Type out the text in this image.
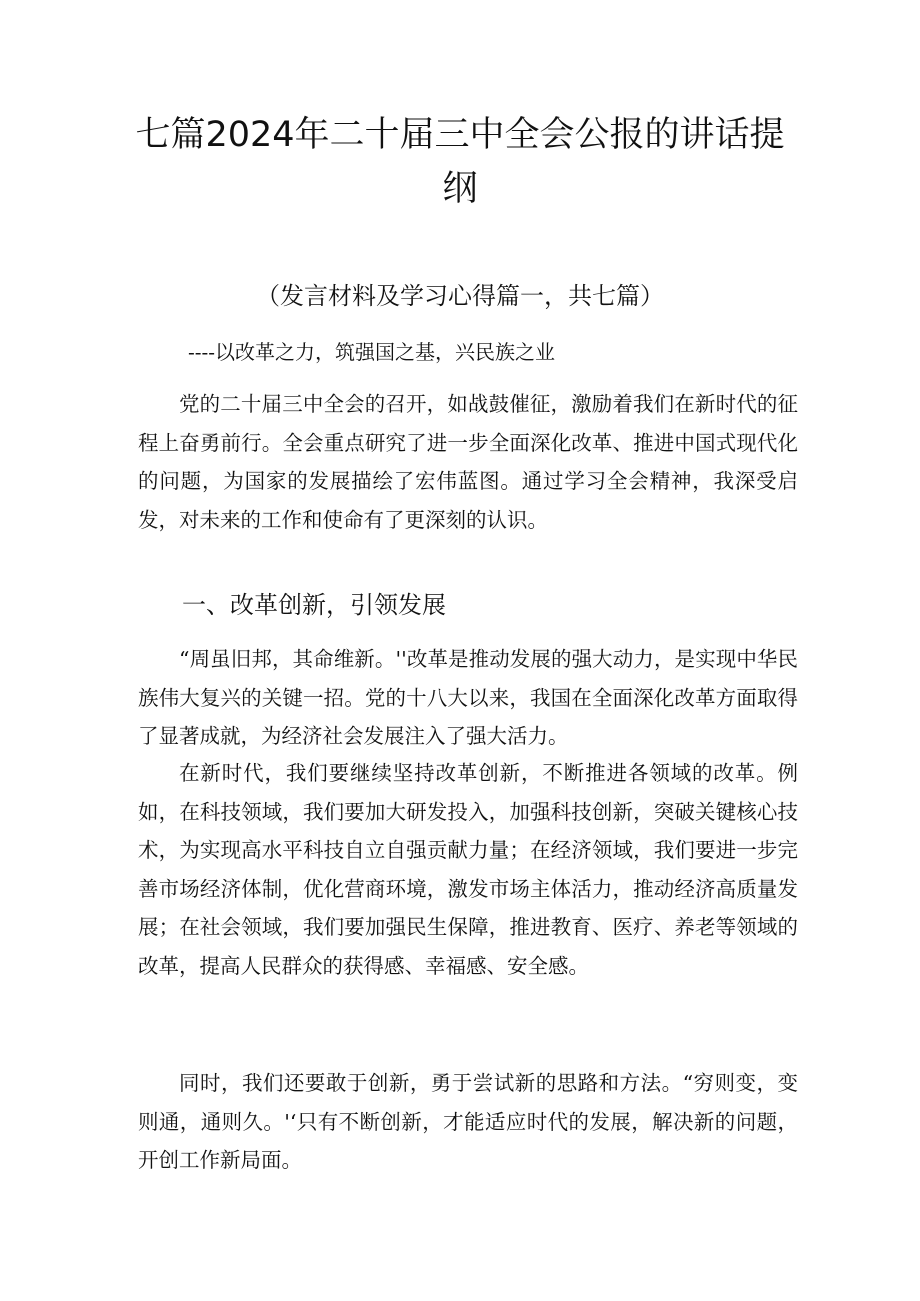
七篇2024年二十届三中全会公报的讲话提纲
（发言材料及学习心得篇一，共七篇）
----以改革之力，筑强国之基，兴民族之业

党的二十届三中全会的召开，如战鼓催征，激励着我们在新时代的征程上奋勇前行。全会重点研究了进一步全面深化改革、推进中国式现代化的问题，为国家的发展描绘了宏伟蓝图。通过学习全会精神，我深受启发，对未来的工作和使命有了更深刻的认识。

一、改革创新，引领发展

“周虽旧邦，其命维新。''改革是推动发展的强大动力，是实现中华民族伟大复兴的关键一招。党的十八大以来，我国在全面深化改革方面取得了显著成就，为经济社会发展注入了强大活力。

在新时代，我们要继续坚持改革创新，不断推进各领域的改革。例如，在科技领域，我们要加大研发投入，加强科技创新，突破关键核心技术，为实现高水平科技自立自强贡献力量；在经济领域，我们要进一步完善市场经济体制，优化营商环境，激发市场主体活力，推动经济高质量发展；在社会领域，我们要加强民生保障，推进教育、医疗、养老等领域的改革，提高人民群众的获得感、幸福感、安全感。

同时，我们还要敢于创新，勇于尝试新的思路和方法。“穷则变，变则通，通则久。'‘只有不断创新，才能适应时代的发展，解决新的问题，开创工作新局面。
